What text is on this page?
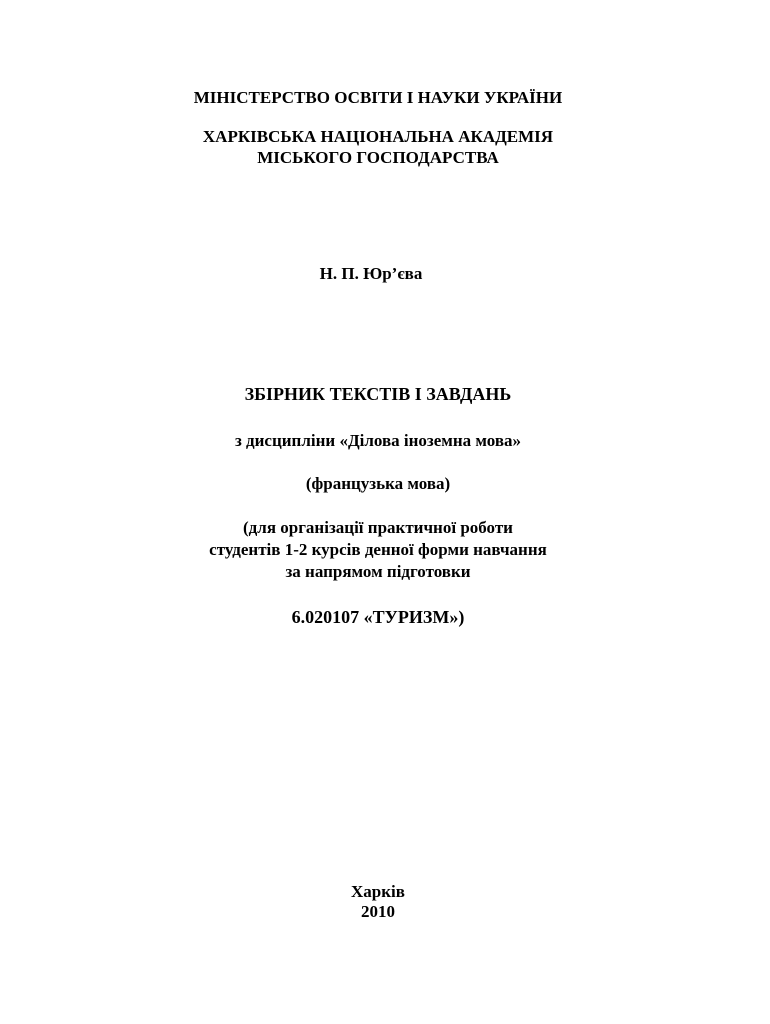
МІНІСТЕРСТВО ОСВІТИ І НАУКИ УКРАЇНИ
ХАРКІВСЬКА НАЦІОНАЛЬНА АКАДЕМІЯ
МІСЬКОГО ГОСПОДАРСТВА
Н. П. Юр’єва
ЗБІРНИК ТЕКСТІВ І ЗАВДАНЬ
з дисципліни «Ділова іноземна мова»
(французька мова)
(для організації практичної роботи
студентів 1-2 курсів денної форми навчання
за напрямом підготовки
6.020107 «ТУРИЗМ»)
Харків
2010
